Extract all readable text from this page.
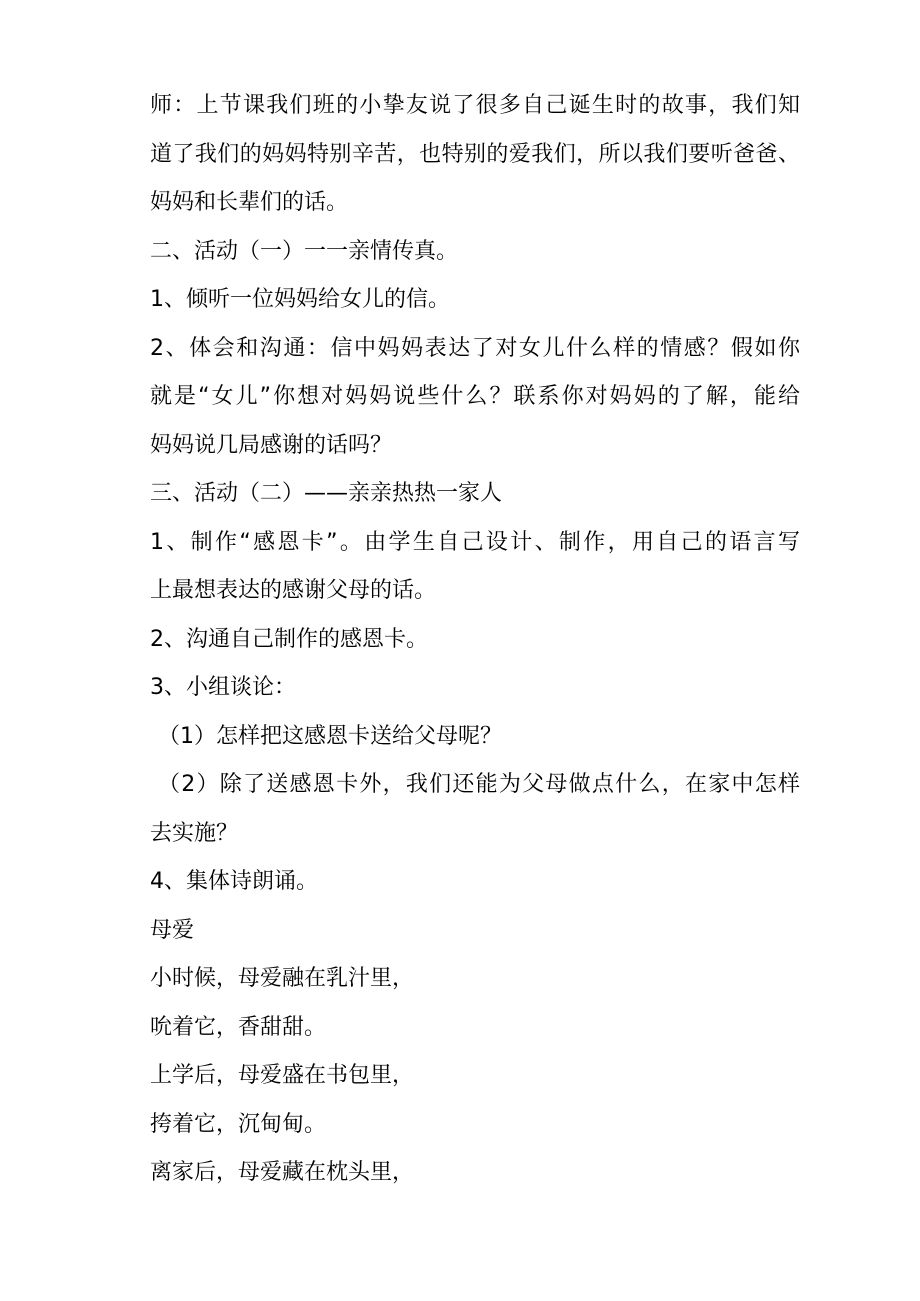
师：上节课我们班的小挚友说了很多自己诞生时的故事，我们知
道了我们的妈妈特别辛苦，也特别的爱我们，所以我们要听爸爸、
妈妈和长辈们的话。
二、活动（一）一一亲情传真。
1、倾听一位妈妈给女儿的信。
2、体会和沟通：信中妈妈表达了对女儿什么样的情感？假如你
就是“女儿”你想对妈妈说些什么？联系你对妈妈的了解，能给
妈妈说几局感谢的话吗？
三、活动（二）——亲亲热热一家人
1、制作“感恩卡”。由学生自己设计、制作，用自己的语言写
上最想表达的感谢父母的话。
2、沟通自己制作的感恩卡。
3、小组谈论：
（1）怎样把这感恩卡送给父母呢？
（2）除了送感恩卡外，我们还能为父母做点什么，在家中怎样
去实施？
4、集体诗朗诵。
母爱
小时候，母爱融在乳汁里，
吮着它，香甜甜。
上学后，母爱盛在书包里，
挎着它，沉甸甸。
离家后，母爱藏在枕头里，
